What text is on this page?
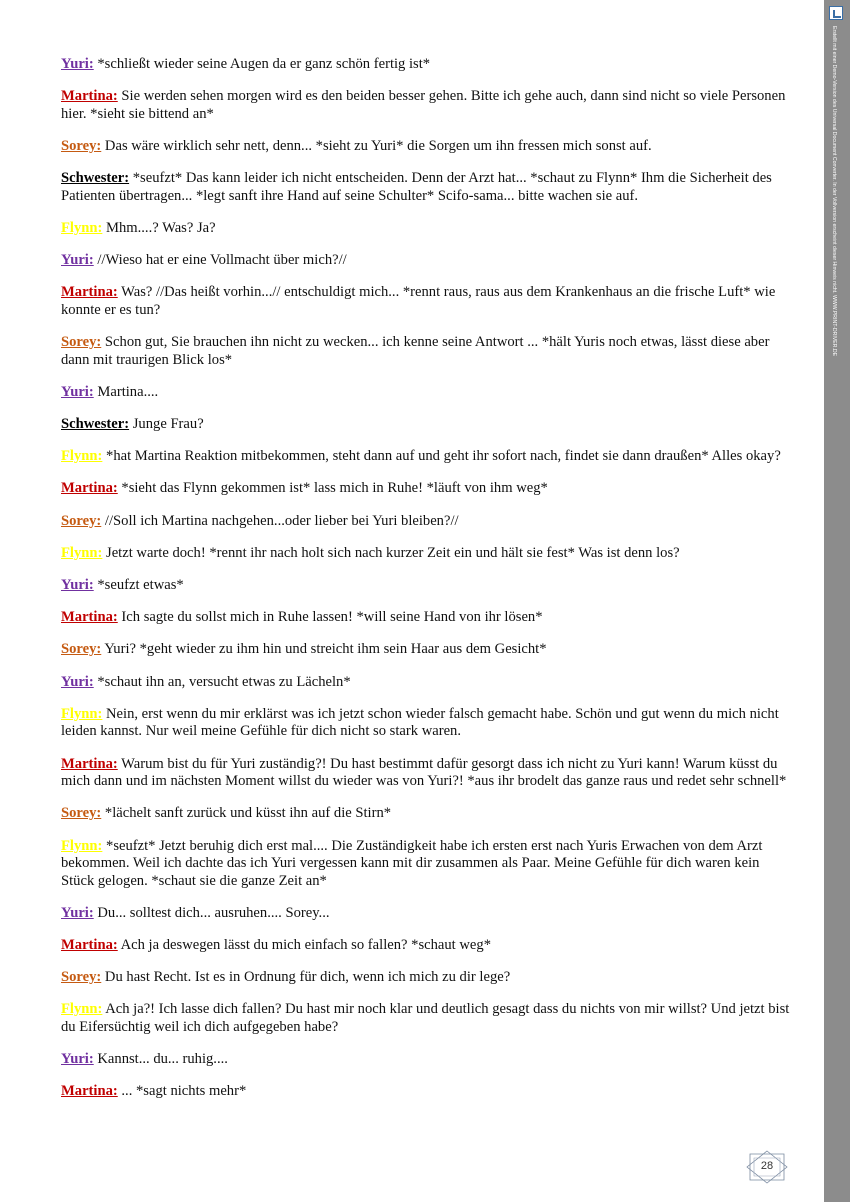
Yuri: *schließt wieder seine Augen da er ganz schön fertig ist*
Martina: Sie werden sehen morgen wird es den beiden besser gehen. Bitte ich gehe auch, dann sind nicht so viele Personen hier. *sieht sie bittend an*
Sorey: Das wäre wirklich sehr nett, denn... *sieht zu Yuri* die Sorgen um ihn fressen mich sonst auf.
Schwester: *seufzt* Das kann leider ich nicht entscheiden. Denn der Arzt hat... *schaut zu Flynn* Ihm die Sicherheit des Patienten übertragen... *legt sanft ihre Hand auf seine Schulter* Scifo-sama... bitte wachen sie auf.
Flynn: Mhm....? Was? Ja?
Yuri: //Wieso hat er eine Vollmacht über mich?//
Martina: Was? //Das heißt vorhin...// entschuldigt mich... *rennt raus, raus aus dem Krankenhaus an die frische Luft* wie konnte er es tun?
Sorey: Schon gut, Sie brauchen ihn nicht zu wecken... ich kenne seine Antwort ... *hält Yuris noch etwas, lässt diese aber dann mit traurigen Blick los*
Yuri: Martina....
Schwester: Junge Frau?
Flynn: *hat Martina Reaktion mitbekommen, steht dann auf und geht ihr sofort nach, findet sie dann draußen* Alles okay?
Martina: *sieht das Flynn gekommen ist* lass mich in Ruhe! *läuft von ihm weg*
Sorey: //Soll ich Martina nachgehen...oder lieber bei Yuri bleiben?//
Flynn: Jetzt warte doch! *rennt ihr nach holt sich nach kurzer Zeit ein und hält sie fest* Was ist denn los?
Yuri: *seufzt etwas*
Martina: Ich sagte du sollst mich in Ruhe lassen! *will seine Hand von ihr lösen*
Sorey: Yuri? *geht wieder zu ihm hin und streicht ihm sein Haar aus dem Gesicht*
Yuri: *schaut ihn an, versucht etwas zu Lächeln*
Flynn: Nein, erst wenn du mir erklärst was ich jetzt schon wieder falsch gemacht habe. Schön und gut wenn du mich nicht leiden kannst. Nur weil meine Gefühle für dich nicht so stark waren.
Martina: Warum bist du für Yuri zuständig?! Du hast bestimmt dafür gesorgt dass ich nicht zu Yuri kann! Warum küsst du mich dann und im nächsten Moment willst du wieder was von Yuri?! *aus ihr brodelt das ganze raus und redet sehr schnell*
Sorey: *lächelt sanft zurück und küsst ihn auf die Stirn*
Flynn: *seufzt* Jetzt beruhig dich erst mal.... Die Zuständigkeit habe ich ersten erst nach Yuris Erwachen von dem Arzt bekommen. Weil ich dachte das ich Yuri vergessen kann mit dir zusammen als Paar. Meine Gefühle für dich waren kein Stück gelogen. *schaut sie die ganze Zeit an*
Yuri: Du... solltest dich... ausruhen.... Sorey...
Martina: Ach ja deswegen lässt du mich einfach so fallen? *schaut weg*
Sorey: Du hast Recht. Ist es in Ordnung für dich, wenn ich mich zu dir lege?
Flynn: Ach ja?! Ich lasse dich fallen? Du hast mir noch klar und deutlich gesagt dass du nichts von mir willst? Und jetzt bist du Eifersüchtig weil ich dich aufgegeben habe?
Yuri: Kannst... du... ruhig....
Martina: ... *sagt nichts mehr*
Erstellt mit einer Demo-Version des Universal Document Converter. In der Vollversion erscheint dieser Hinweis nicht. WWW.PRINT-DRIVER.DE
28
